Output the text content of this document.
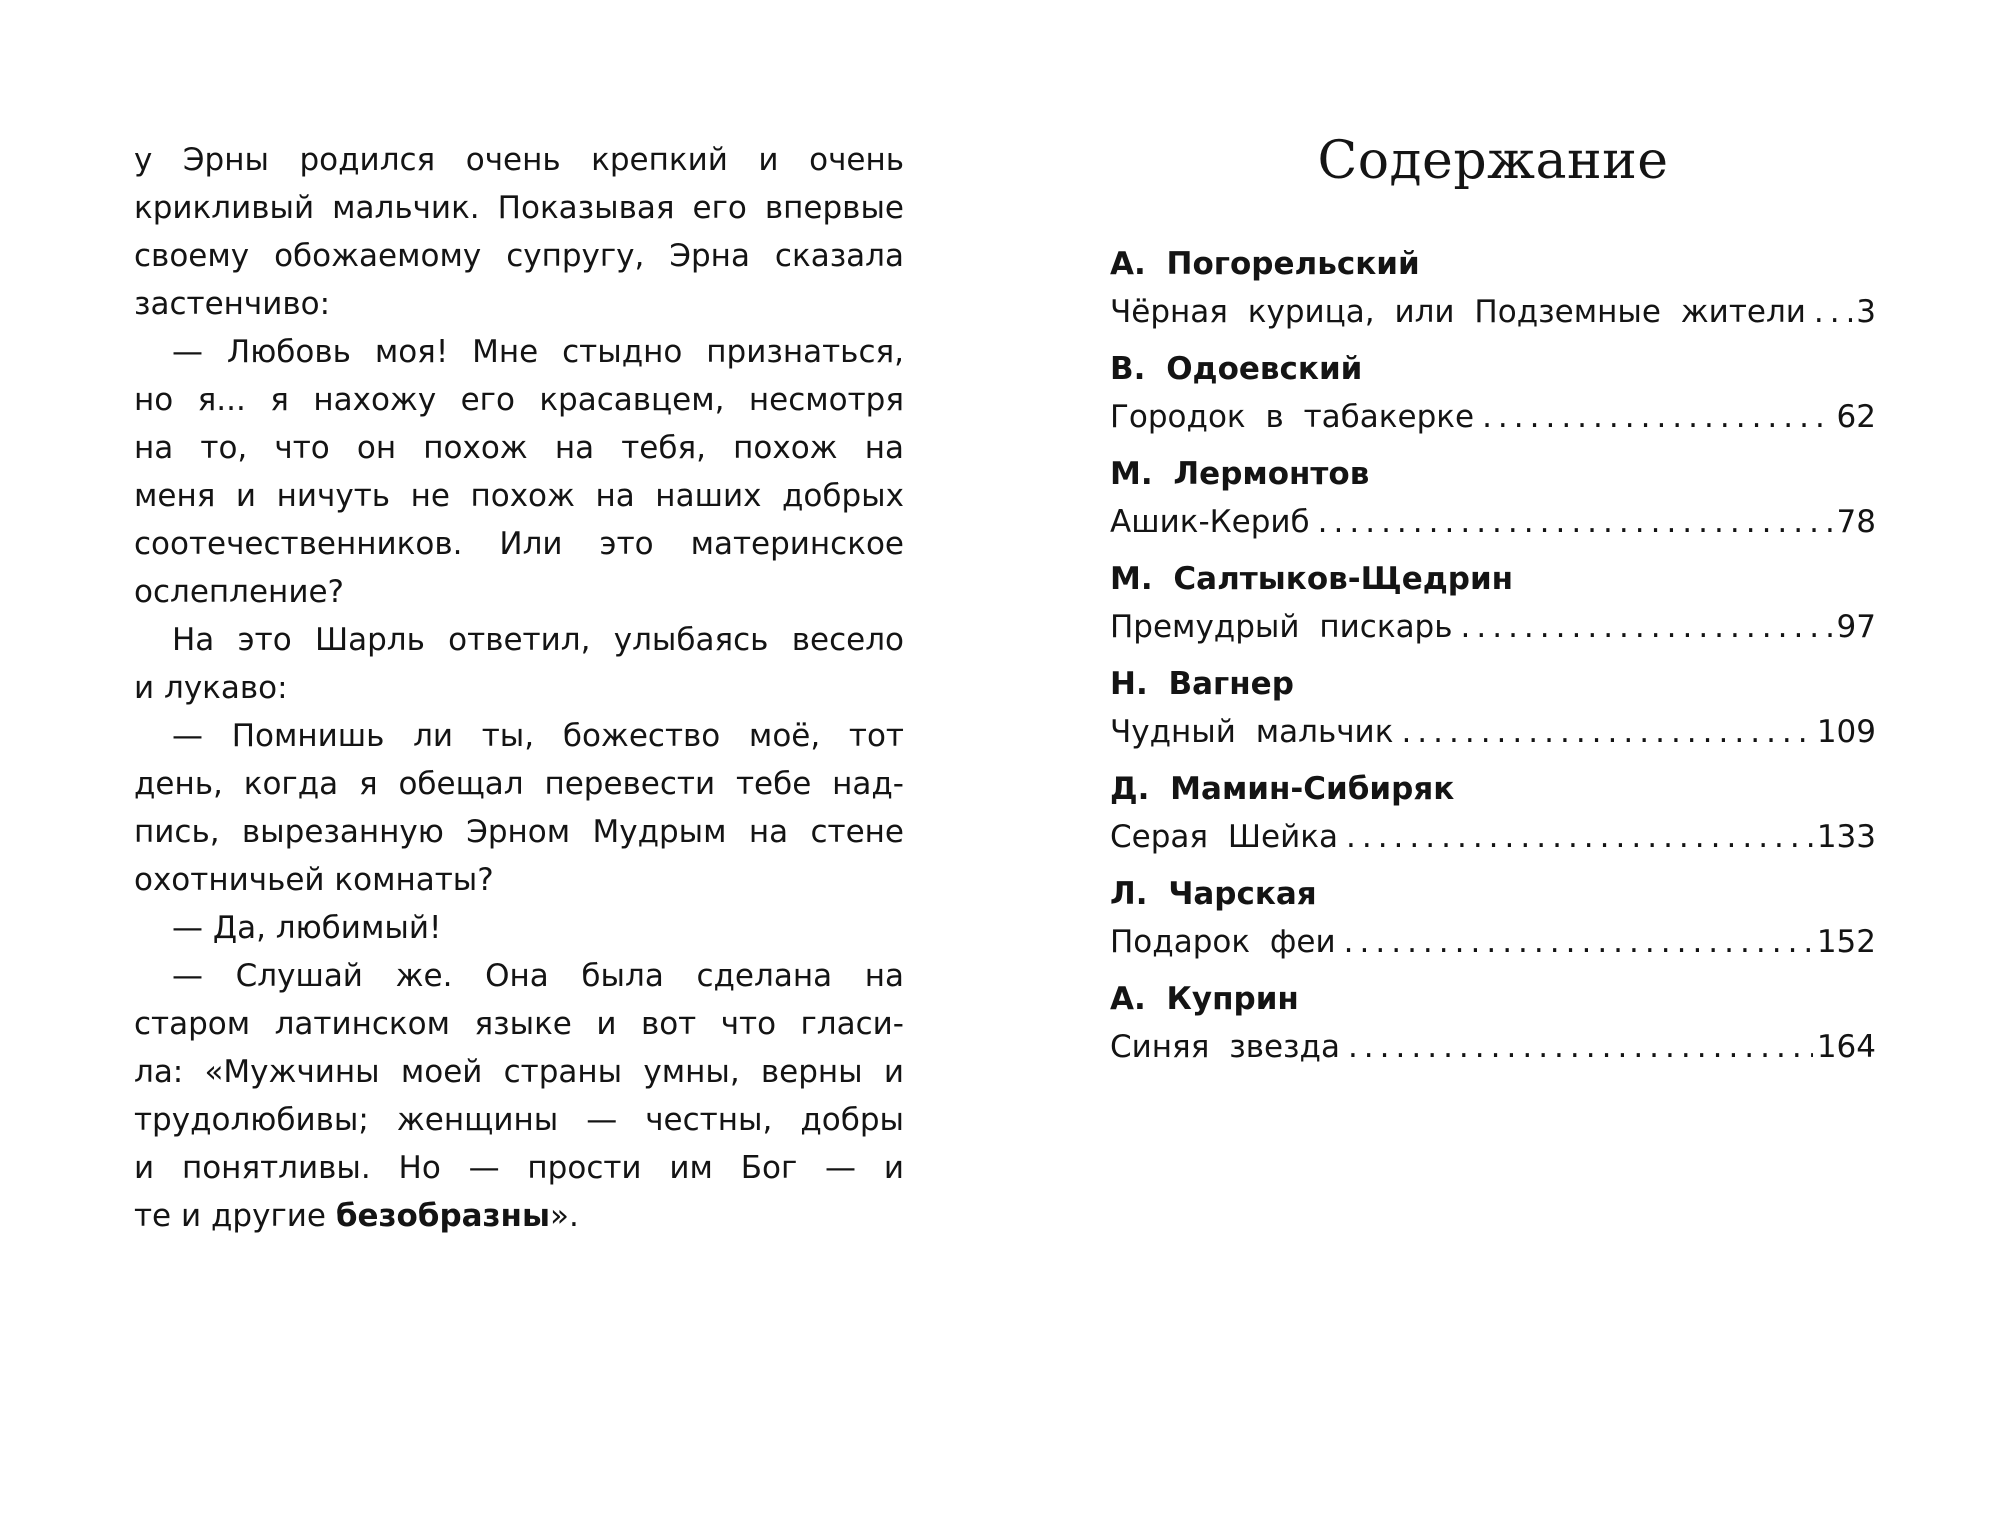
у Эрны родился очень крепкий и очень
крикливый мальчик. Показывая его впервые
своему обожаемому супругу, Эрна сказала
застенчиво:
— Любовь моя! Мне стыдно признаться,
но я... я нахожу его красавцем, несмотря
на то, что он похож на тебя, похож на
меня и ничуть не похож на наших добрых
соотечественников. Или это материнское
ослепление?
На это Шарль ответил, улыбаясь весело
и лукаво:
— Помнишь ли ты, божество моё, тот
день, когда я обещал перевести тебе над-
пись, вырезанную Эрном Мудрым на стене
охотничьей комнаты?
— Да, любимый!
— Слушай же. Она была сделана на
старом латинском языке и вот что гласи-
ла: «Мужчины моей страны умны, верны и
трудолюбивы; женщины — честны, добры
и понятливы. Но — прости им Бог — и
те и другие безобразны».
Содержание
А. Погорельский
Чёрная курица, или Подземные жители ..... 3
В. Одоевский
Городок в табакерке .....	62
М. Лермонтов
Ашик-Кериб .....	78
М. Салтыков-Щедрин
Премудрый пискарь .....	97
Н. Вагнер
Чудный мальчик .....	109
Д. Мамин-Сибиряк
Серая Шейка .....	133
Л. Чарская
Подарок феи .....	152
А. Куприн
Синяя звезда .....	164
